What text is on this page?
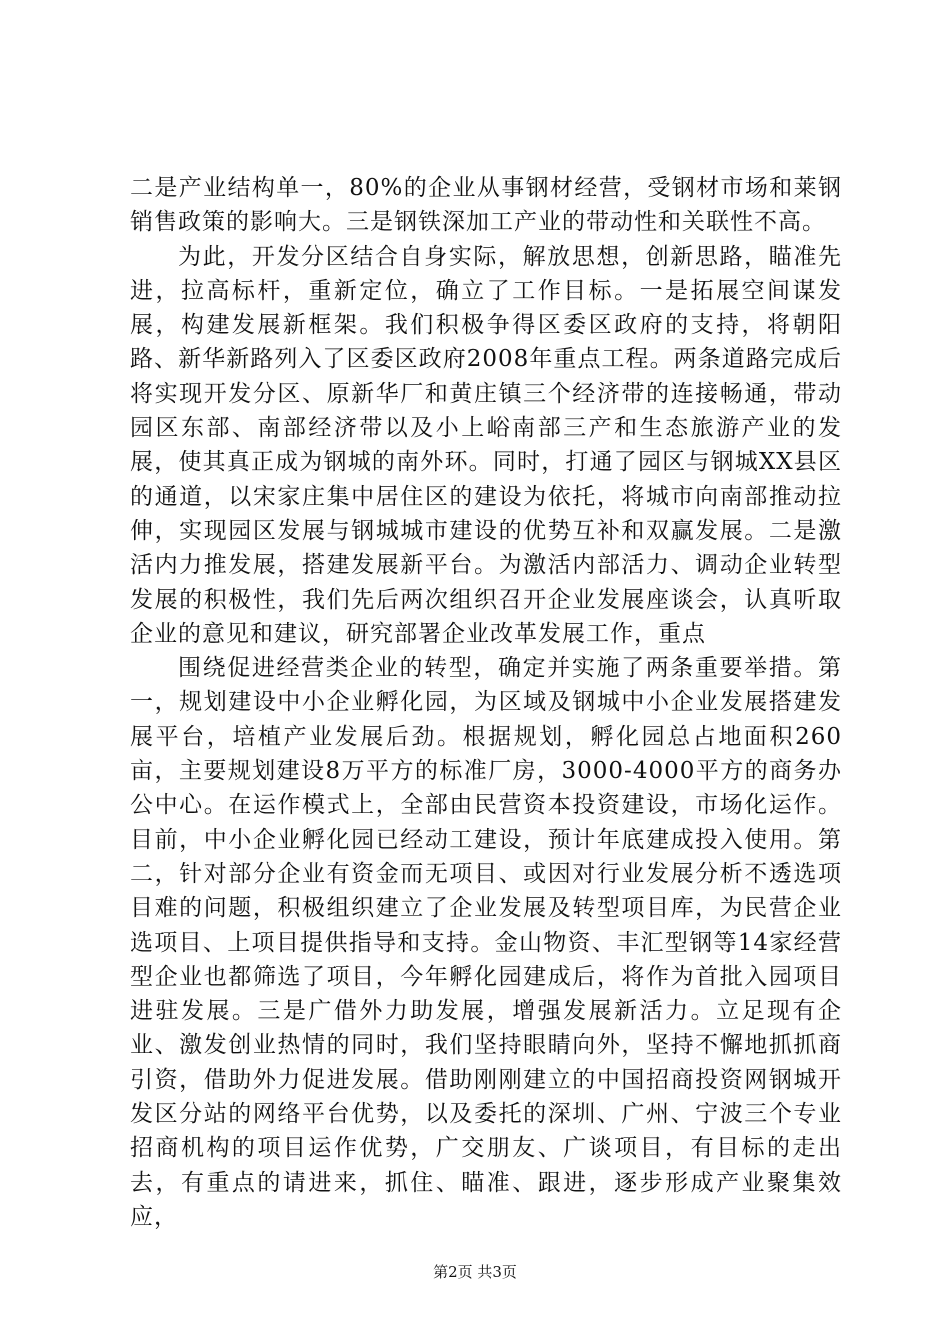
二是产业结构单一，80%的企业从事钢材经营，受钢材市场和莱钢销售政策的影响大。三是钢铁深加工产业的带动性和关联性不高。

为此，开发分区结合自身实际，解放思想，创新思路，瞄准先进，拉高标杆，重新定位，确立了工作目标。一是拓展空间谋发展，构建发展新框架。我们积极争得区委区政府的支持，将朝阳路、新华新路列入了区委区政府2008年重点工程。两条道路完成后将实现开发分区、原新华厂和黄庄镇三个经济带的连接畅通，带动园区东部、南部经济带以及小上峪南部三产和生态旅游产业的发展，使其真正成为钢城的南外环。同时，打通了园区与钢城XX县区的通道，以宋家庄集中居住区的建设为依托，将城市向南部推动拉伸，实现园区发展与钢城城市建设的优势互补和双赢发展。二是激活内力推发展，搭建发展新平台。为激活内部活力、调动企业转型发展的积极性，我们先后两次组织召开企业发展座谈会，认真听取企业的意见和建议，研究部署企业改革发展工作，重点

围绕促进经营类企业的转型，确定并实施了两条重要举措。第一，规划建设中小企业孵化园，为区域及钢城中小企业发展搭建发展平台，培植产业发展后劲。根据规划，孵化园总占地面积260亩，主要规划建设8万平方的标准厂房，3000-4000平方的商务办公中心。在运作模式上，全部由民营资本投资建设，市场化运作。目前，中小企业孵化园已经动工建设，预计年底建成投入使用。第二，针对部分企业有资金而无项目、或因对行业发展分析不透选项目难的问题，积极组织建立了企业发展及转型项目库，为民营企业选项目、上项目提供指导和支持。金山物资、丰汇型钢等14家经营型企业也都筛选了项目，今年孵化园建成后，将作为首批入园项目进驻发展。三是广借外力助发展，增强发展新活力。立足现有企业、激发创业热情的同时，我们坚持眼睛向外，坚持不懈地抓抓商引资，借助外力促进发展。借助刚刚建立的中国招商投资网钢城开发区分站的网络平台优势，以及委托的深圳、广州、宁波三个专业招商机构的项目运作优势，广交朋友、广谈项目，有目标的走出去，有重点的请进来，抓住、瞄准、跟进，逐步形成产业聚集效应，

第2页 共3页
